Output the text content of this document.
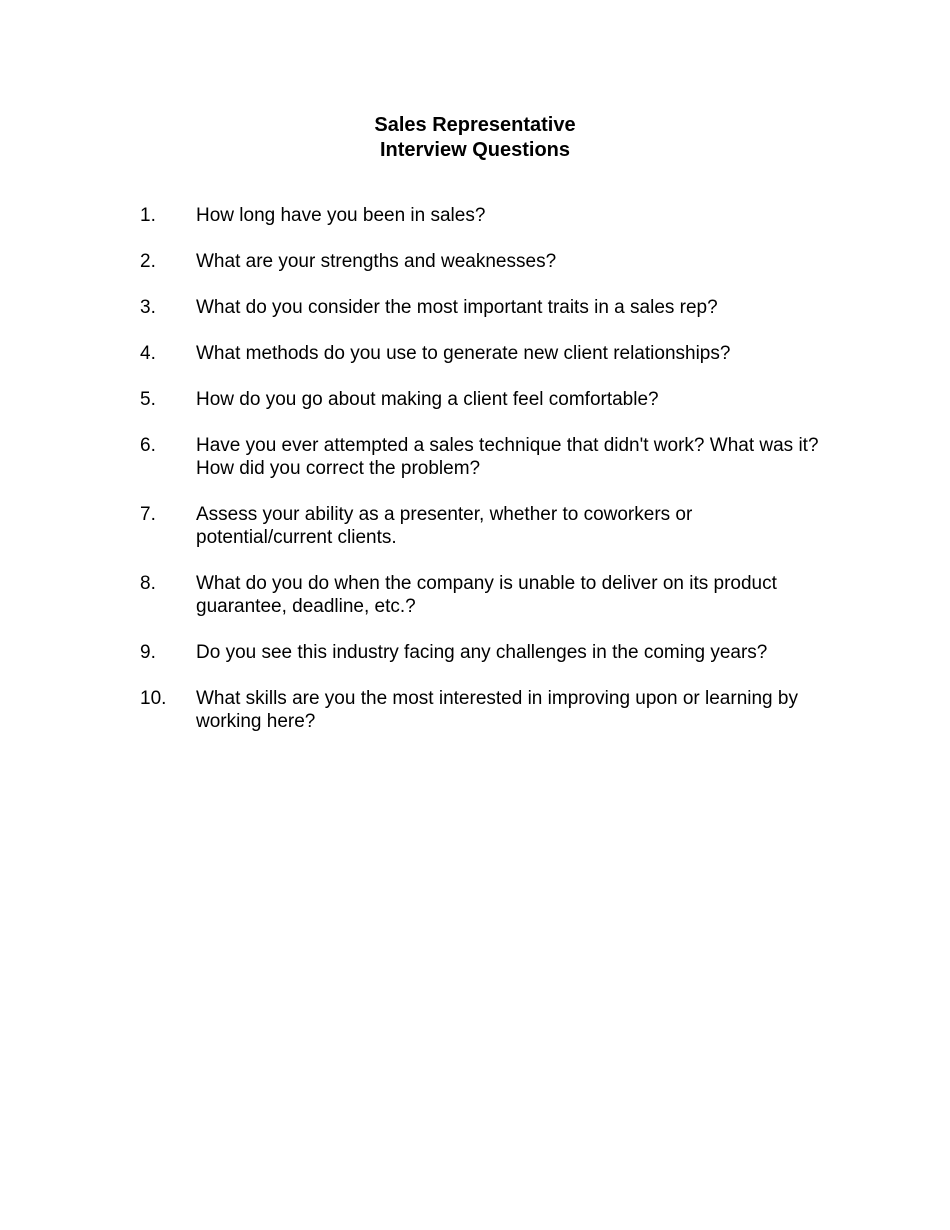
Sales Representative
Interview Questions
1.	How long have you been in sales?
2.	What are your strengths and weaknesses?
3.	What do you consider the most important traits in a sales rep?
4.	What methods do you use to generate new client relationships?
5.	How do you go about making a client feel comfortable?
6.	Have you ever attempted a sales technique that didn't work? What was it? How did you correct the problem?
7.	Assess your ability as a presenter, whether to coworkers or potential/current clients.
8.	What do you do when the company is unable to deliver on its product guarantee, deadline, etc.?
9.	Do you see this industry facing any challenges in the coming years?
10.	What skills are you the most interested in improving upon or learning by working here?
